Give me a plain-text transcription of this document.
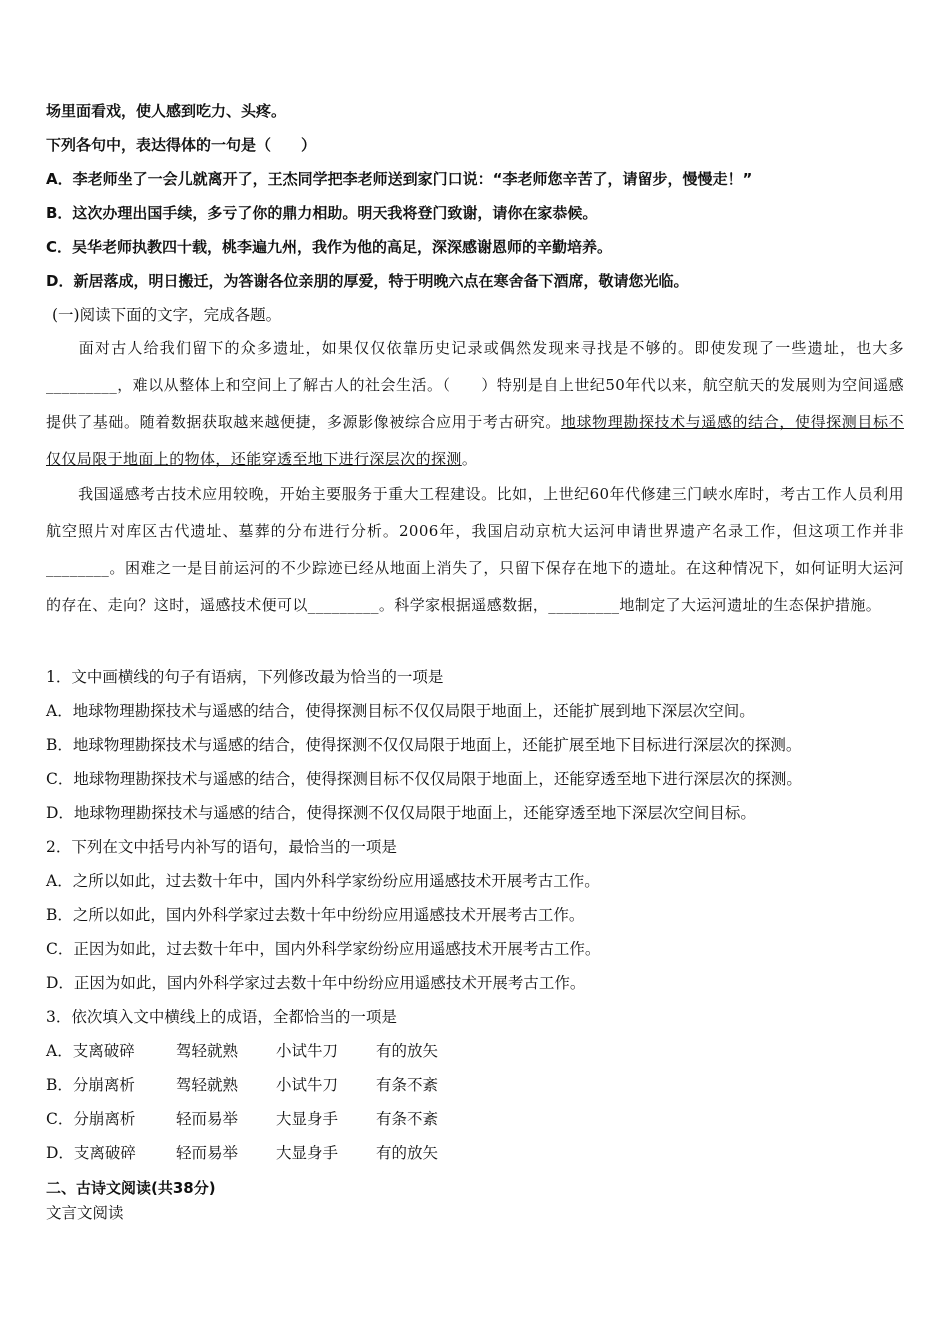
场里面看戏，使人感到吃力、头疼。
下列各句中，表达得体的一句是（　　）
A．李老师坐了一会儿就离开了，王杰同学把李老师送到家门口说：“李老师您辛苦了，请留步，慢慢走！”
B．这次办理出国手续，多亏了你的鼎力相助。明天我将登门致谢，请你在家恭候。
C．吴华老师执教四十载，桃李遍九州，我作为他的高足，深深感谢恩师的辛勤培养。
D．新居落成，明日搬迁，为答谢各位亲朋的厚爱，特于明晚六点在寒舍备下酒席，敬请您光临。
(一)阅读下面的文字，完成各题。
面对古人给我们留下的众多遗址，如果仅仅依靠历史记录或偶然发现来寻找是不够的。即使发现了一些遗址，也大多_________，难以从整体上和空间上了解古人的社会生活。（　　）特别是自上世纪50年代以来，航空航天的发展则为空间遥感提供了基础。随着数据获取越来越便捷，多源影像被综合应用于考古研究。地球物理勘探技术与遥感的结合，使得探测目标不仅仅局限于地面上的物体，还能穿透至地下进行深层次的探测。
我国遥感考古技术应用较晚，开始主要服务于重大工程建设。比如，上世纪60年代修建三门峡水库时，考古工作人员利用航空照片对库区古代遗址、墓葬的分布进行分析。2006年，我国启动京杭大运河申请世界遗产名录工作，但这项工作并非________。困难之一是目前运河的不少踪迹已经从地面上消失了，只留下保存在地下的遗址。在这种情况下，如何证明大运河的存在、走向？这时，遥感技术便可以_________。科学家根据遥感数据，_________地制定了大运河遗址的生态保护措施。
1．文中画横线的句子有语病，下列修改最为恰当的一项是
A．地球物理勘探技术与遥感的结合，使得探测目标不仅仅局限于地面上，还能扩展到地下深层次空间。
B．地球物理勘探技术与遥感的结合，使得探测不仅仅局限于地面上，还能扩展至地下目标进行深层次的探测。
C．地球物理勘探技术与遥感的结合，使得探测目标不仅仅局限于地面上，还能穿透至地下进行深层次的探测。
D．地球物理勘探技术与遥感的结合，使得探测不仅仅局限于地面上，还能穿透至地下深层次空间目标。
2．下列在文中括号内补写的语句，最恰当的一项是
A．之所以如此，过去数十年中，国内外科学家纷纷应用遥感技术开展考古工作。
B．之所以如此，国内外科学家过去数十年中纷纷应用遥感技术开展考古工作。
C．正因为如此，过去数十年中，国内外科学家纷纷应用遥感技术开展考古工作。
D．正因为如此，国内外科学家过去数十年中纷纷应用遥感技术开展考古工作。
3．依次填入文中横线上的成语，全都恰当的一项是
A．支离破碎	驾轻就熟 小试牛刀 有的放矢
B．分崩离析	驾轻就熟 小试牛刀 有条不紊
C．分崩离析	轻而易举 大显身手 有条不紊
D．支离破碎	轻而易举 大显身手 有的放矢
二、古诗文阅读(共38分)
文言文阅读
